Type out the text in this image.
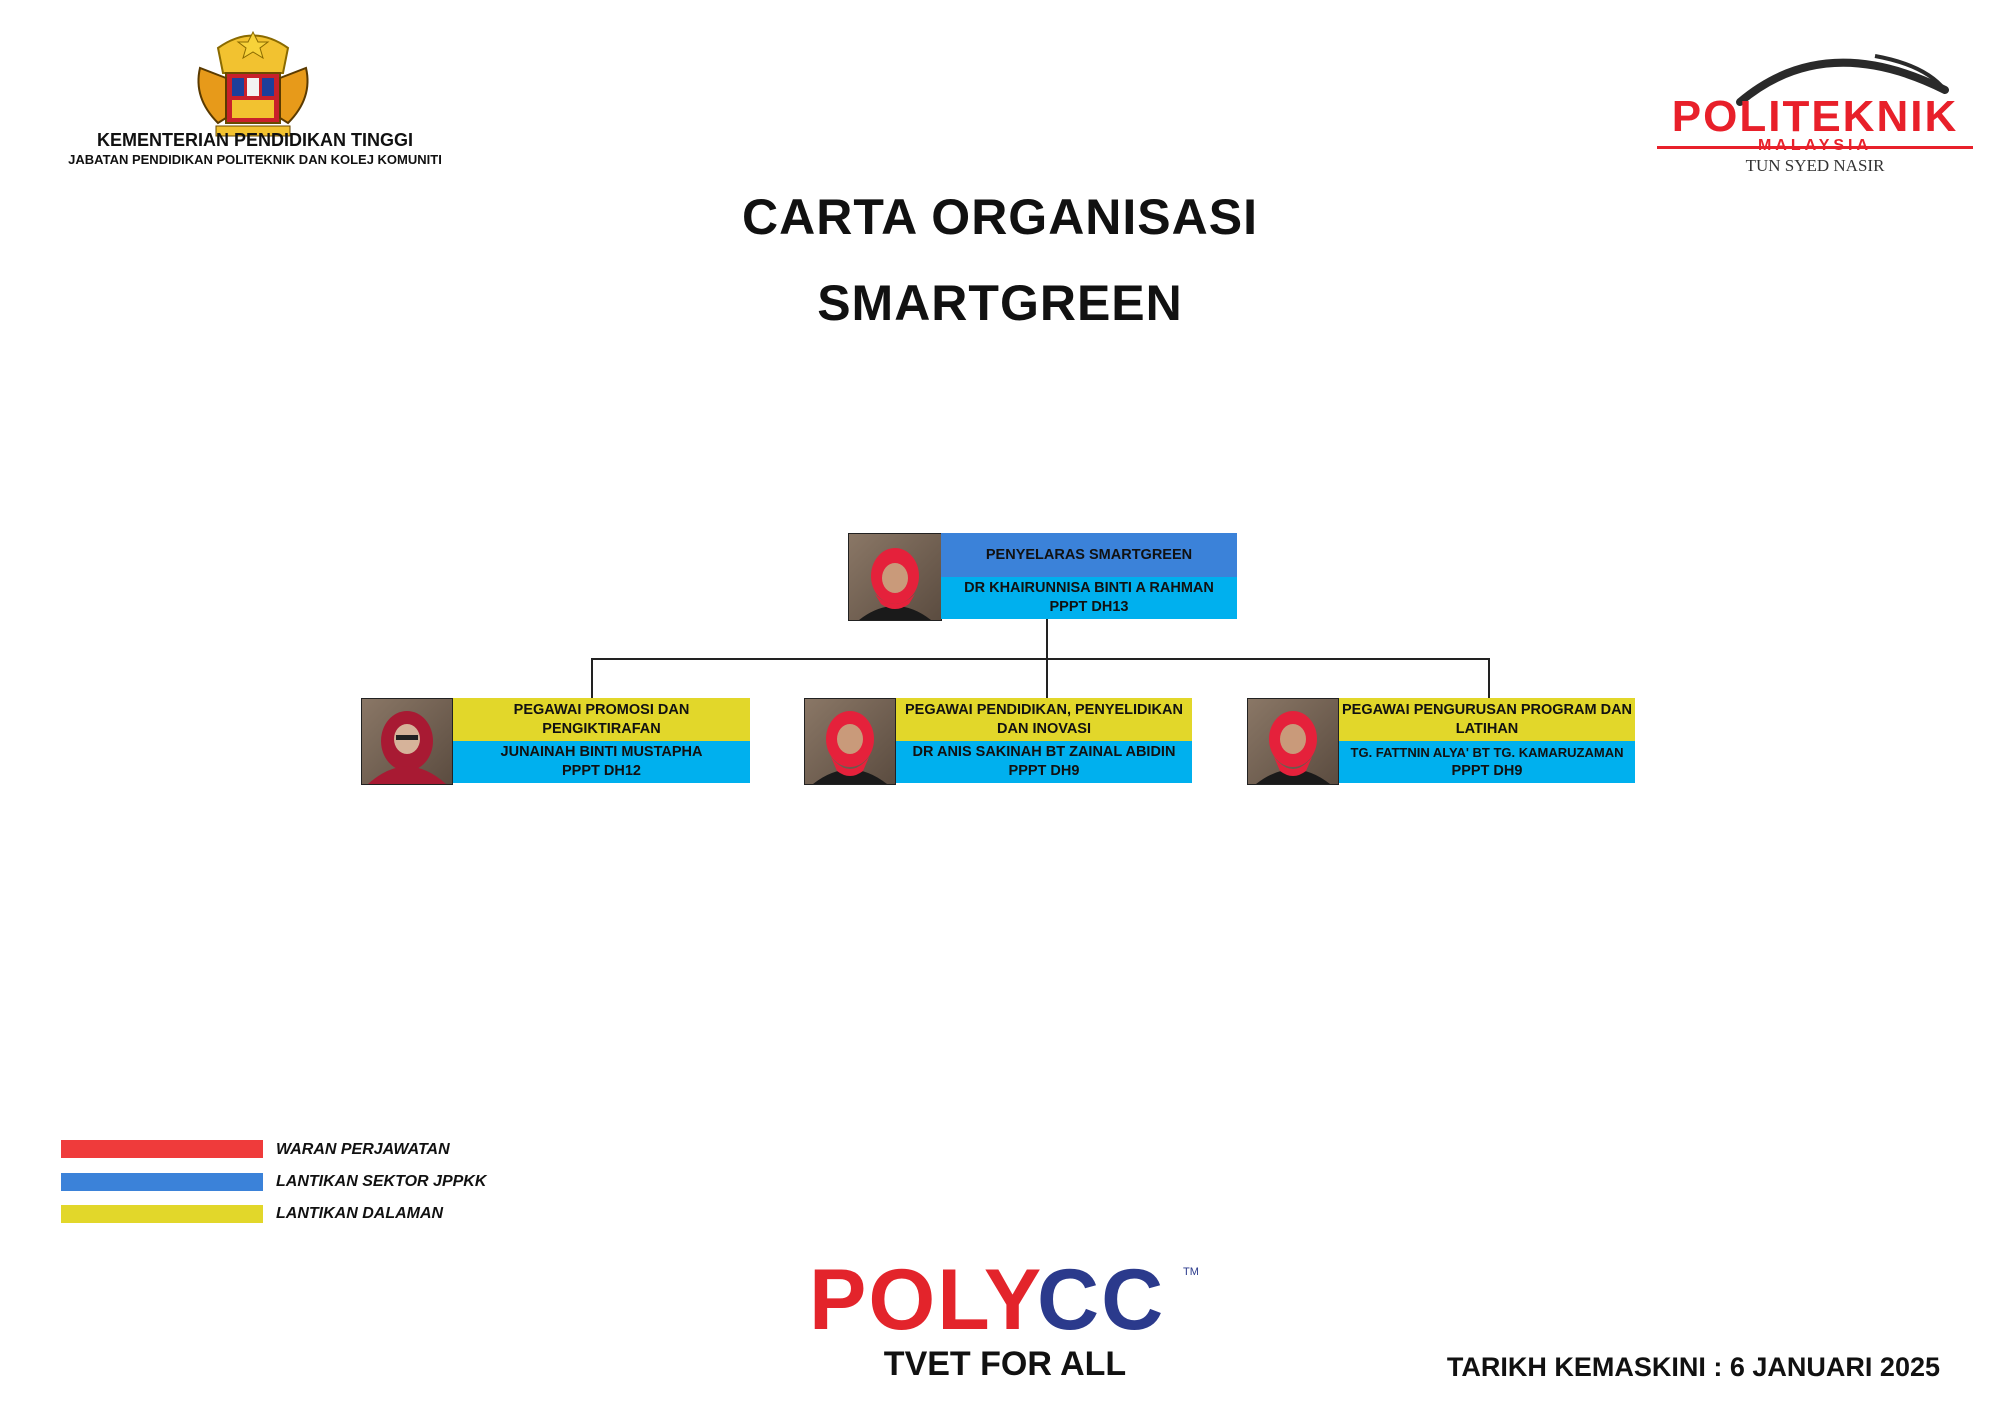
KEMENTERIAN PENDIDIKAN TINGGI
JABATAN PENDIDIKAN POLITEKNIK DAN KOLEJ KOMUNITI
POLITEKNIK
MALAYSIA
TUN SYED NASIR
CARTA ORGANISASI
SMARTGREEN
PENYELARAS SMARTGREEN
DR KHAIRUNNISA BINTI A RAHMAN
PPPT DH13
PEGAWAI PROMOSI DAN PENGIKTIRAFAN
JUNAINAH BINTI MUSTAPHA
PPPT DH12
PEGAWAI PENDIDIKAN, PENYELIDIKAN DAN INOVASI
DR ANIS SAKINAH BT ZAINAL ABIDIN
PPPT DH9
PEGAWAI PENGURUSAN PROGRAM DAN LATIHAN
TG. FATTNIN ALYA' BT TG. KAMARUZAMAN
PPPT DH9
WARAN PERJAWATAN
LANTIKAN SEKTOR JPPKK
LANTIKAN DALAMAN
POLY
CC TM
TVET FOR ALL	TARIKH KEMASKINI : 6 JANUARI 2025
